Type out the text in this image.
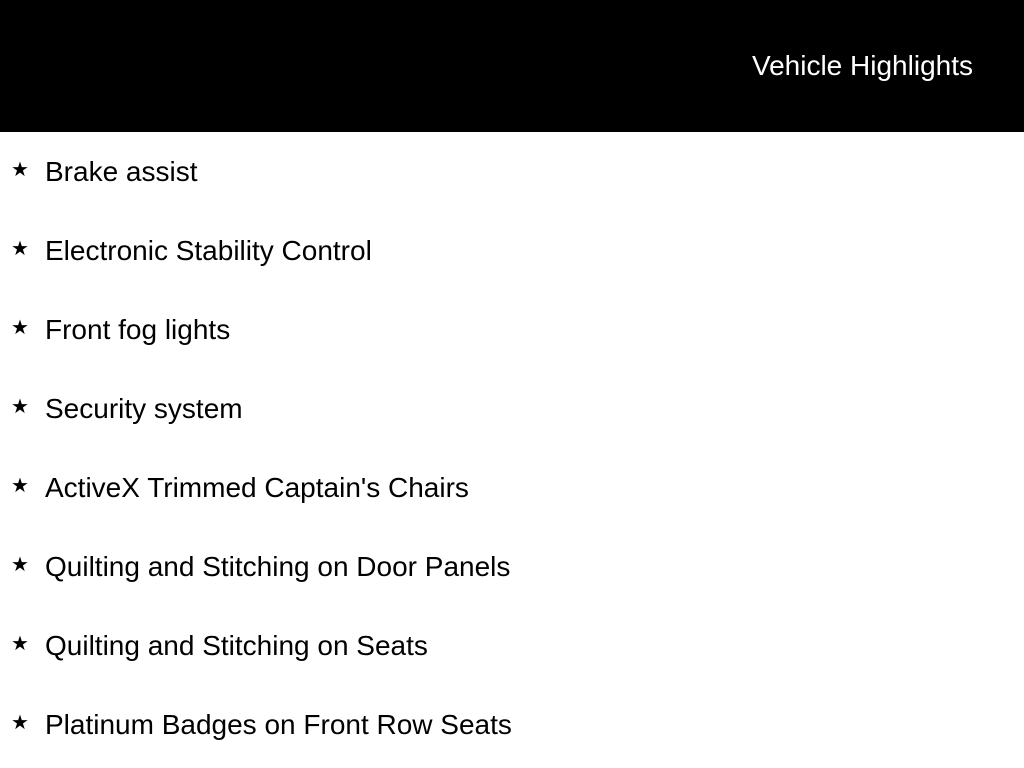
Vehicle Highlights
★ Brake assist
★ Electronic Stability Control
★ Front fog lights
★ Security system
★ ActiveX Trimmed Captain's Chairs
★ Quilting and Stitching on Door Panels
★ Quilting and Stitching on Seats
★ Platinum Badges on Front Row Seats
